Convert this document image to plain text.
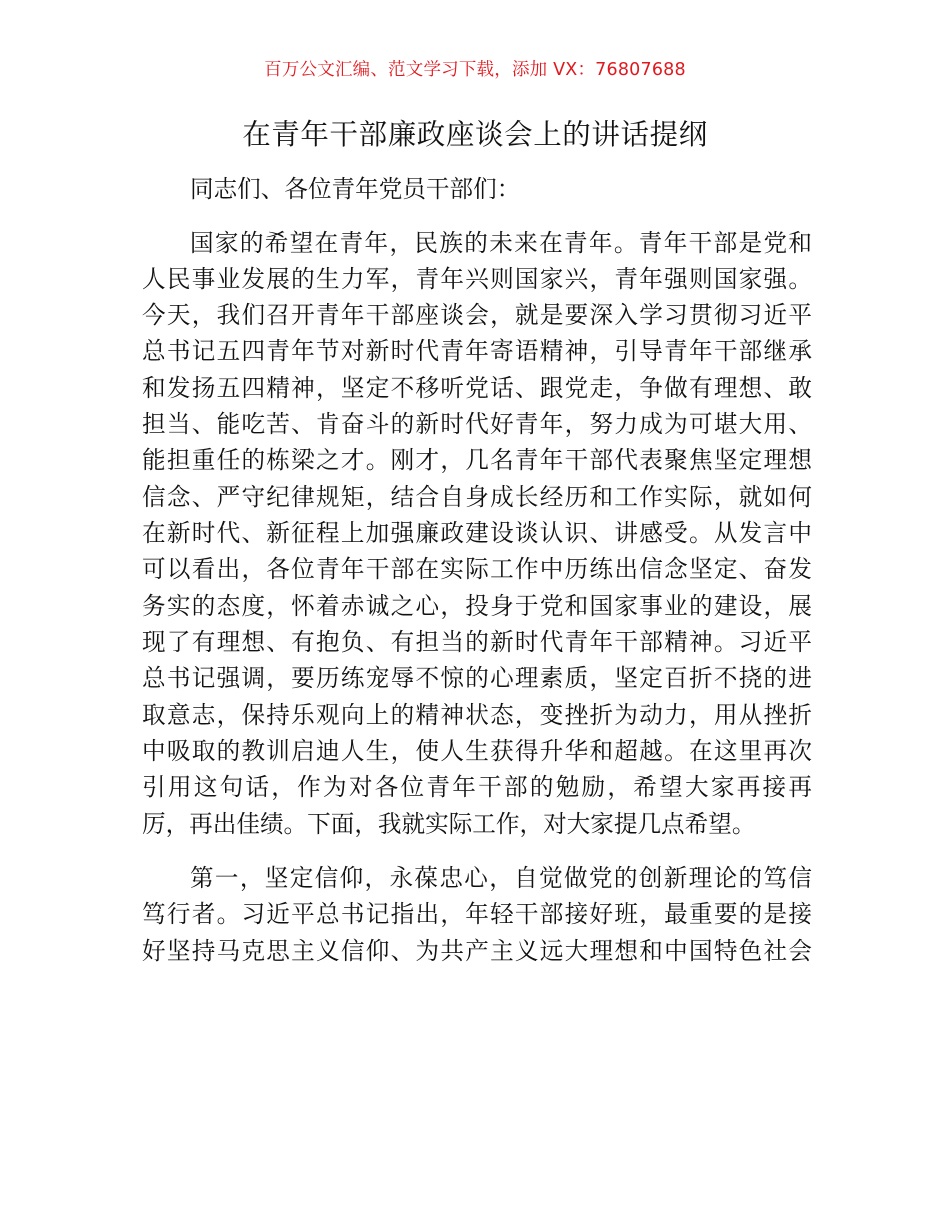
百万公文汇编、范文学习下载，添加 VX：76807688
在青年干部廉政座谈会上的讲话提纲
同志们、各位青年党员干部们：
国家的希望在青年，民族的未来在青年。青年干部是党和
人民事业发展的生力军，青年兴则国家兴，青年强则国家强。
今天，我们召开青年干部座谈会，就是要深入学习贯彻习近平
总书记五四青年节对新时代青年寄语精神，引导青年干部继承
和发扬五四精神，坚定不移听党话、跟党走，争做有理想、敢
担当、能吃苦、肯奋斗的新时代好青年，努力成为可堪大用、
能担重任的栋梁之才。刚才，几名青年干部代表聚焦坚定理想
信念、严守纪律规矩，结合自身成长经历和工作实际，就如何
在新时代、新征程上加强廉政建设谈认识、讲感受。从发言中
可以看出，各位青年干部在实际工作中历练出信念坚定、奋发
务实的态度，怀着赤诚之心，投身于党和国家事业的建设，展
现了有理想、有抱负、有担当的新时代青年干部精神。习近平
总书记强调，要历练宠辱不惊的心理素质，坚定百折不挠的进
取意志，保持乐观向上的精神状态，变挫折为动力，用从挫折
中吸取的教训启迪人生，使人生获得升华和超越。在这里再次
引用这句话，作为对各位青年干部的勉励，希望大家再接再
厉，再出佳绩。下面，我就实际工作，对大家提几点希望。
第一，坚定信仰，永葆忠心，自觉做党的创新理论的笃信
笃行者。习近平总书记指出，年轻干部接好班，最重要的是接
好坚持马克思主义信仰、为共产主义远大理想和中国特色社会
